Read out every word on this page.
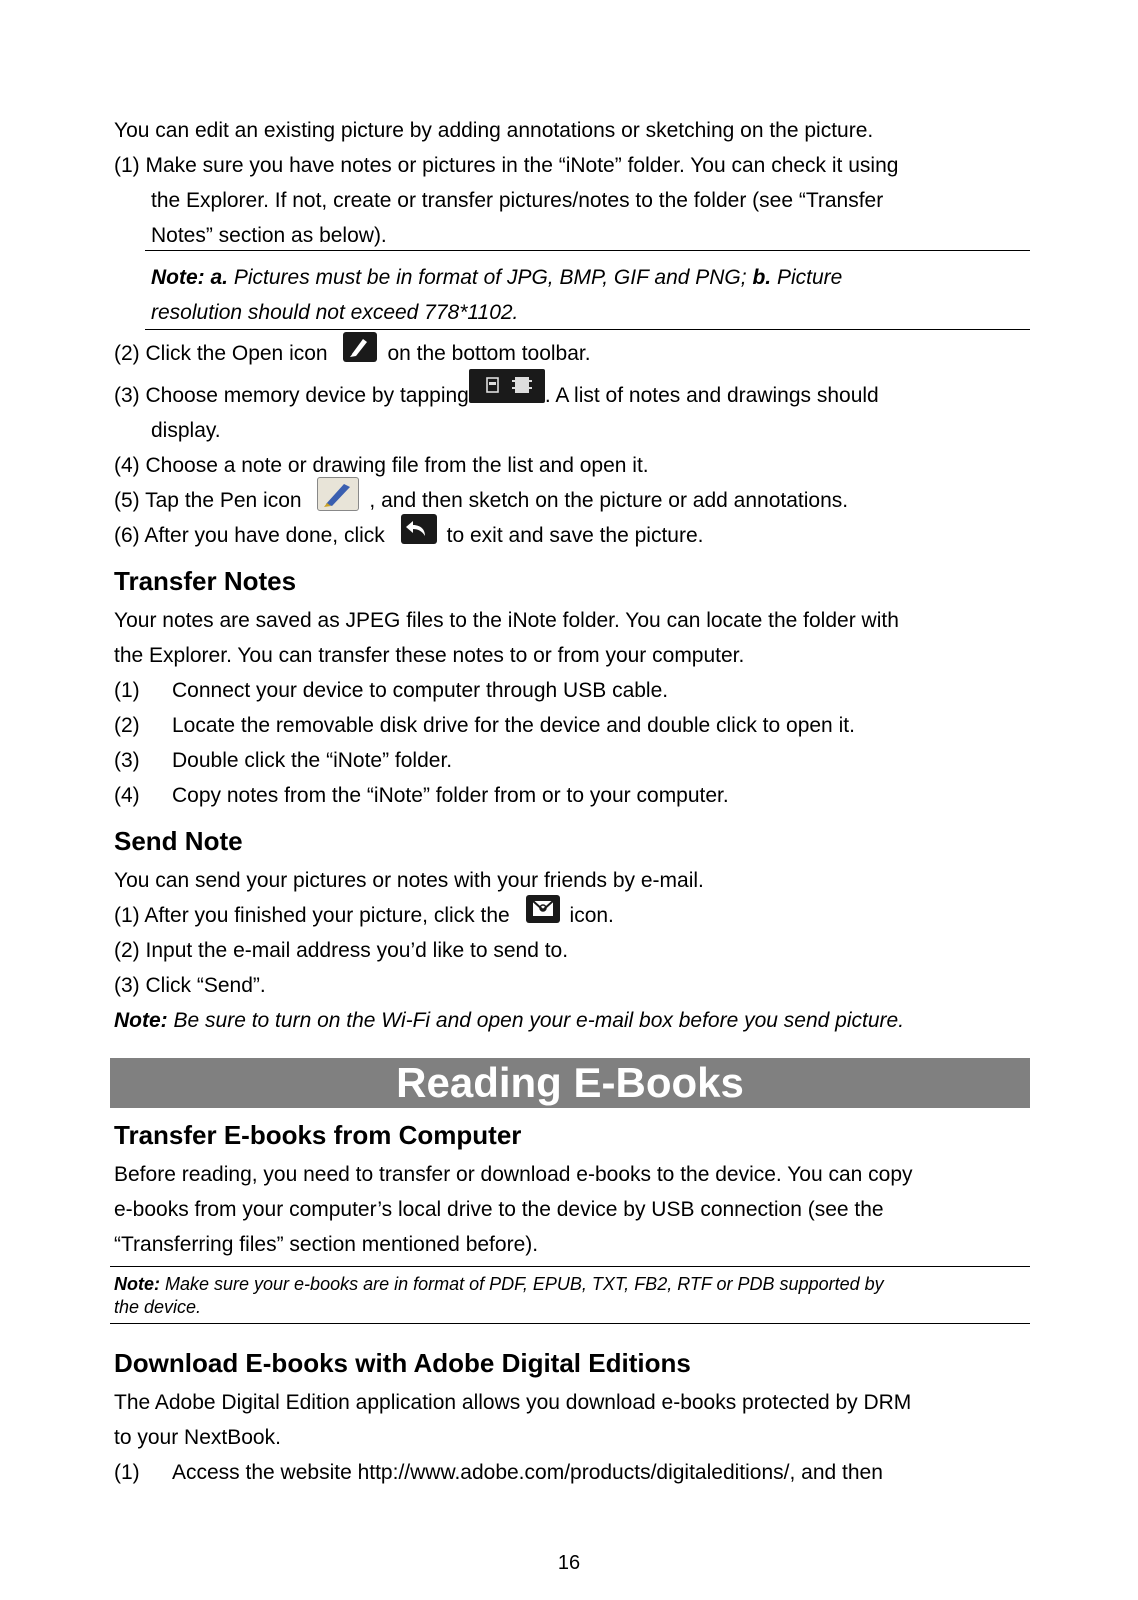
You can edit an existing picture by adding annotations or sketching on the picture.
(1) Make sure you have notes or pictures in the “iNote” folder. You can check it using
the Explorer. If not, create or transfer pictures/notes to the folder (see “Transfer
Notes” section as below).
Note: a. Pictures must be in format of JPG, BMP, GIF and PNG; b. Picture
resolution should not exceed 778*1102.
(2) Click the Open icon	on the bottom toolbar.
(3) Choose memory device by tapping	. A list of notes and drawings should
display.
(4) Choose a note or drawing file from the list and open it.
(5) Tap the Pen icon	, and then sketch on the picture or add annotations.
(6) After you have done, click	to exit and save the picture.
Transfer Notes
Your notes are saved as JPEG files to the iNote folder. You can locate the folder with
the Explorer. You can transfer these notes to or from your computer.
(1) Connect your device to computer through USB cable.
(2) Locate the removable disk drive for the device and double click to open it.
(3) Double click the “iNote” folder.
(4) Copy notes from the “iNote” folder from or to your computer.
Send Note
You can send your pictures or notes with your friends by e-mail.
(1) After you finished your picture, click the	icon.
(2) Input the e-mail address you’d like to send to.
(3) Click “Send”.
Note: Be sure to turn on the Wi-Fi and open your e-mail box before you send picture.
Reading E-Books
Transfer E-books from Computer
Before reading, you need to transfer or download e-books to the device. You can copy
e-books from your computer’s local drive to the device by USB connection (see the
“Transferring files” section mentioned before).
Note: Make sure your e-books are in format of PDF, EPUB, TXT, FB2, RTF or PDB supported by
the device.
Download E-books with Adobe Digital Editions
The Adobe Digital Edition application allows you download e-books protected by DRM
to your NextBook.
(1) Access the website http://www.adobe.com/products/digitaleditions/, and then
16
